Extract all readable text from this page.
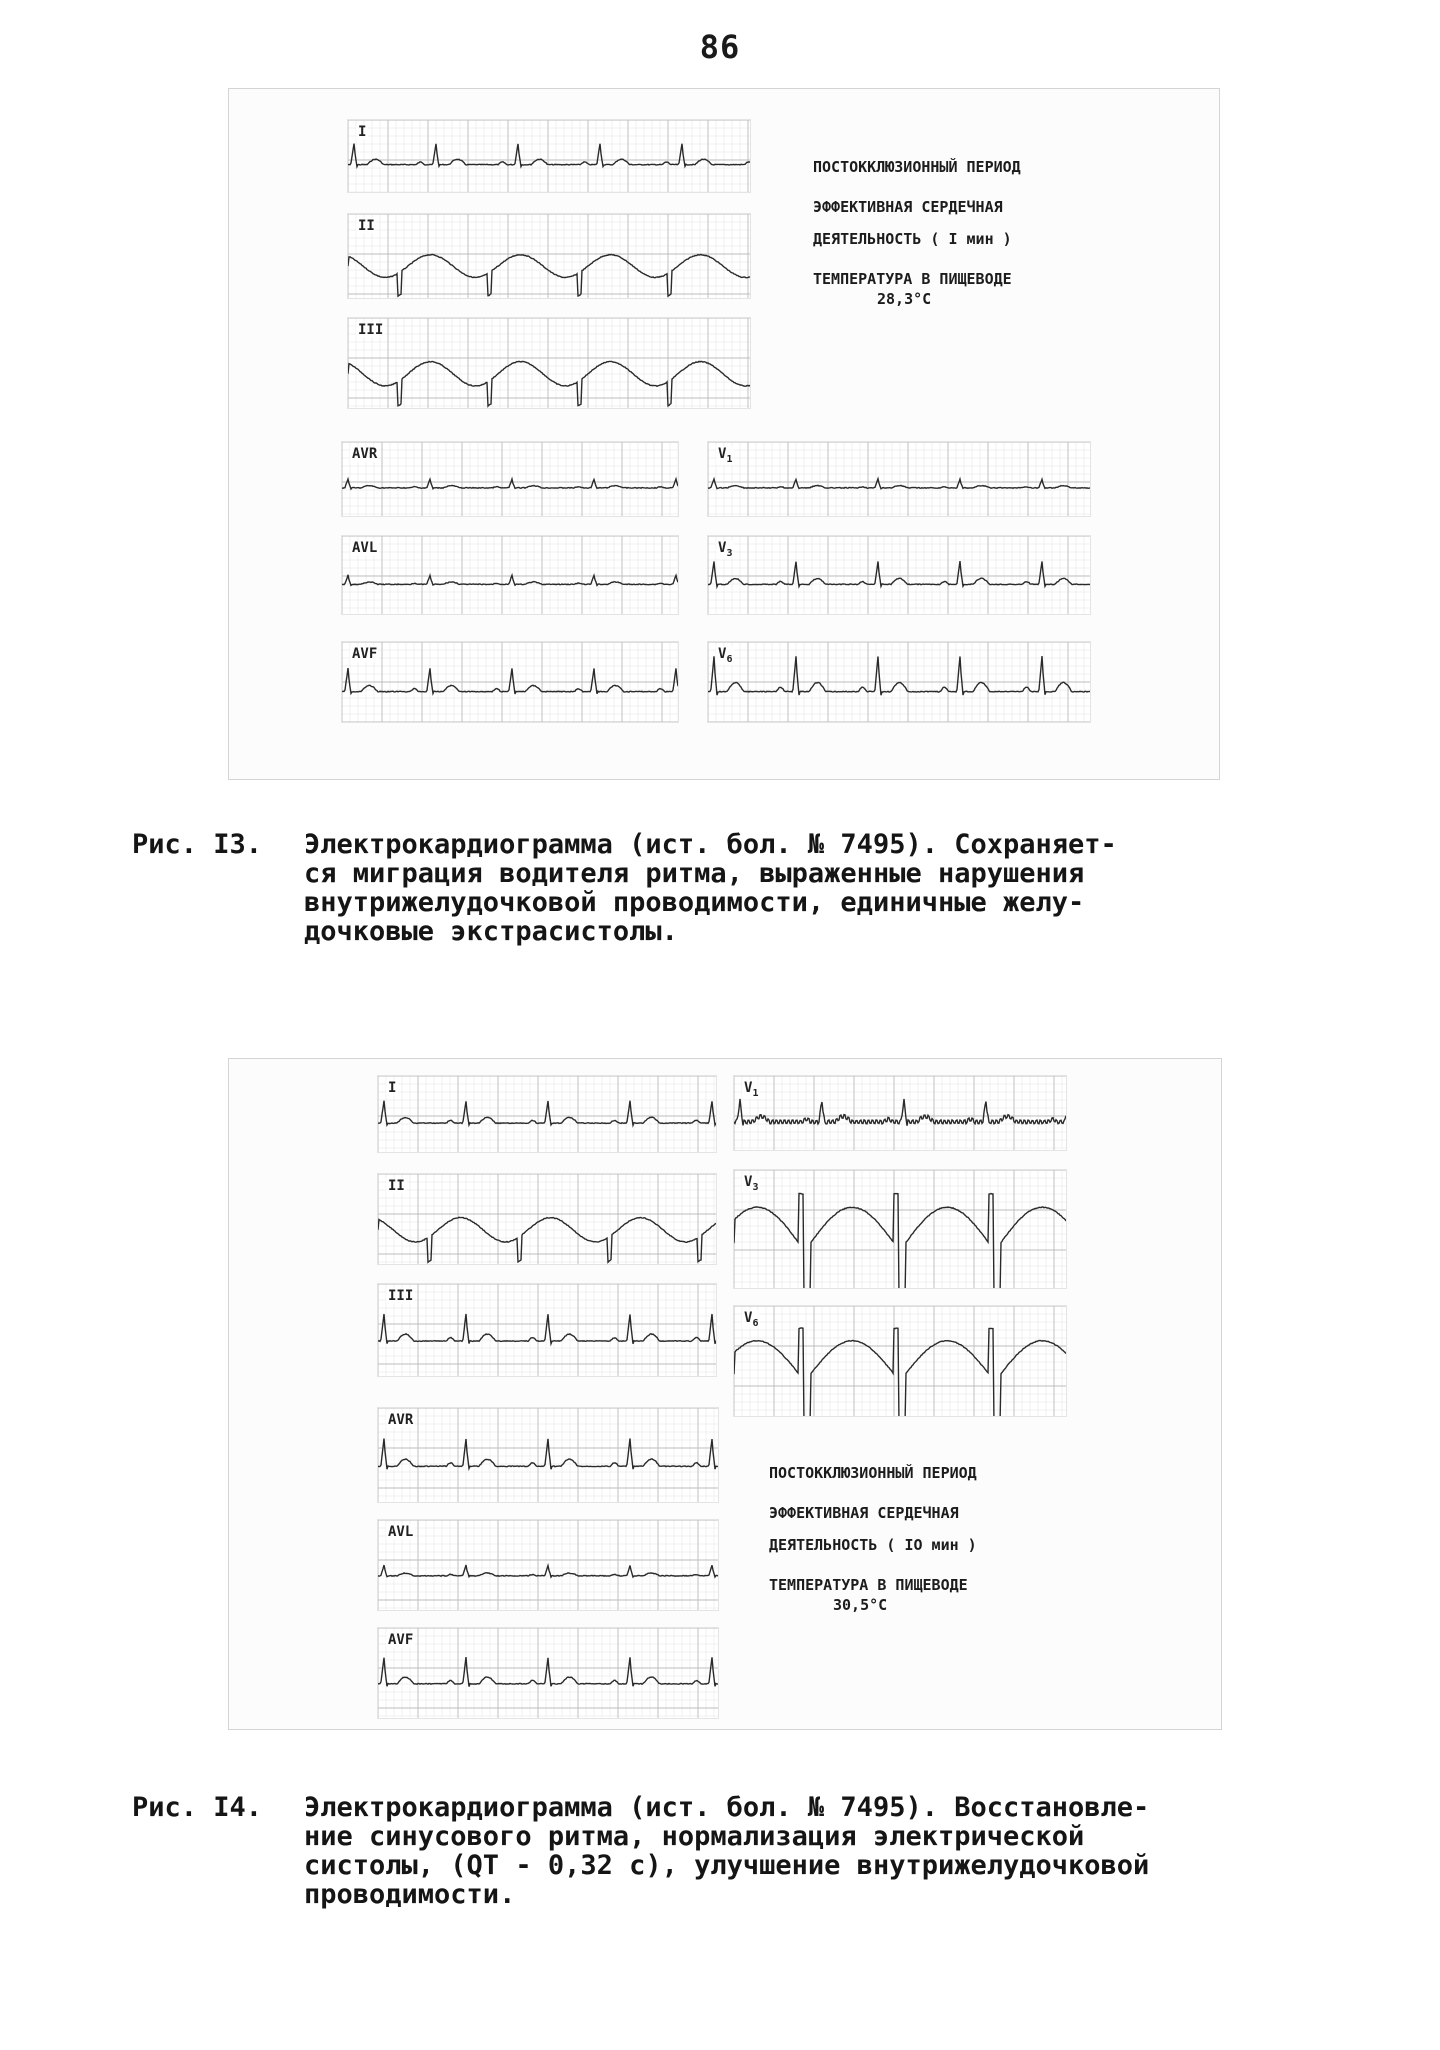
86
I
II
III
AVR
AVL
AVF
$V_1$
$V_3$
$V_6$

ПОСТОККЛЮЗИОННЫЙ ПЕРИОД

ЭФФЕКТИВНАЯ СЕРДЕЧНАЯ

ДЕЯТЕЛЬНОСТЬ ( I мин )

ТЕМПЕРАТУРА В ПИЩЕВОДЕ

28,3°С

Рис. I3.	Электрокардиограмма (ист. бол. № 7495). Сохраняет-
ся миграция водителя ритма, выраженные нарушения
внутрижелудочковой проводимости, единичные желу-
дочковые экстрасистолы.
I
II
III
$V_1$
$V_3$
$V_6$
AVR
AVL
AVF

ПОСТОККЛЮЗИОННЫЙ ПЕРИОД

ЭФФЕКТИВНАЯ СЕРДЕЧНАЯ

ДЕЯТЕЛЬНОСТЬ ( IO мин )

ТЕМПЕРАТУРА В ПИЩЕВОДЕ

30,5°С

Рис. I4.	Электрокардиограмма (ист. бол. № 7495). Восстановле-
ние синусового ритма, нормализация электрической
систолы, (QT - 0,32 с), улучшение внутрижелудочковой
проводимости.
